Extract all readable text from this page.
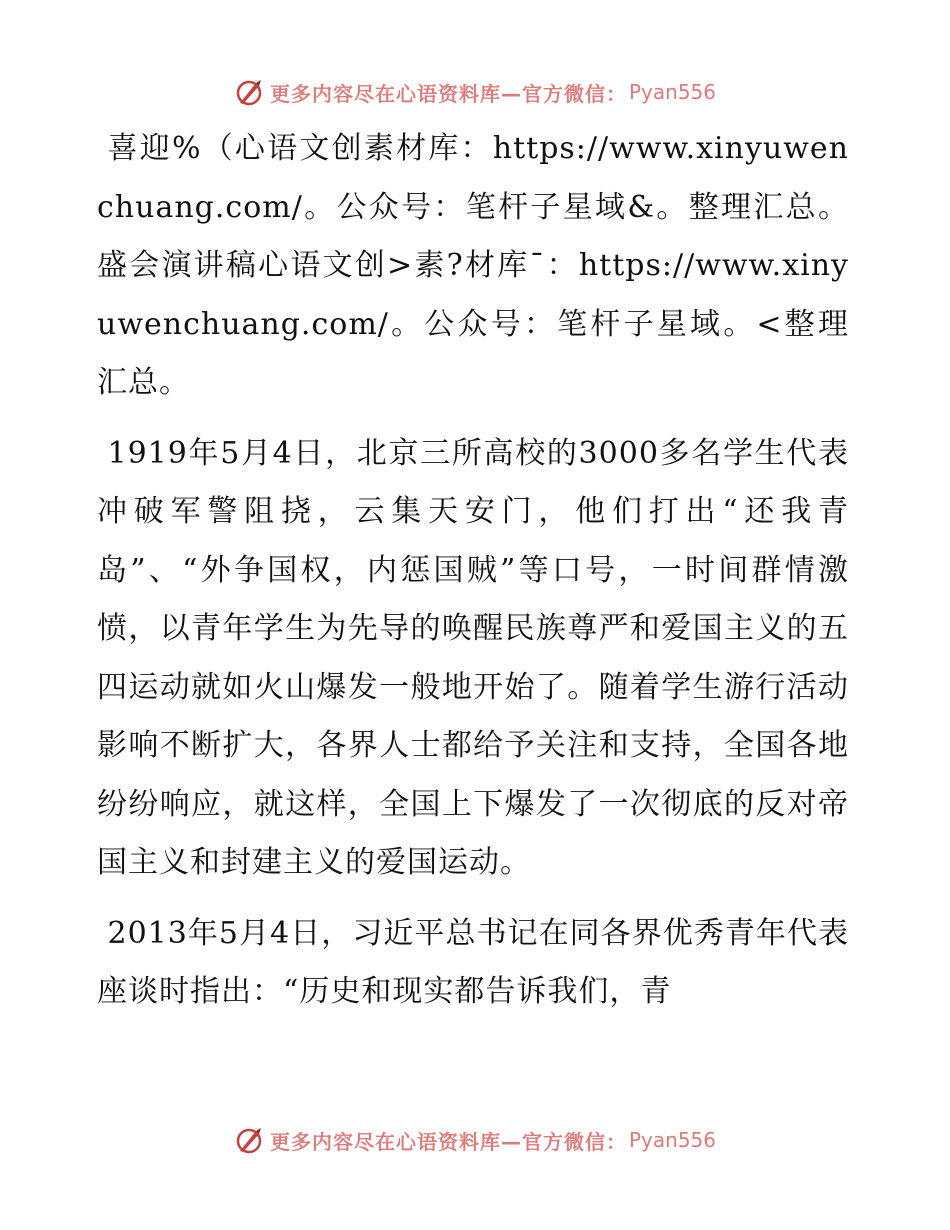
更多内容尽在心语资料库—官方微信： Pyan556

喜迎%（心语文创素材库：https://www.xinyuwenchuang.com/。公众号：笔杆子星域&。整理汇总。盛会演讲稿心语文创>素?材库¯：https://www.xinyuwenchuang.com/。公众号：笔杆子星域。<整理汇总。

1919年5月4日，北京三所高校的3000多名学生代表冲破军警阻挠，云集天安门，他们打出“还我青岛”、“外争国权，内惩国贼”等口号，一时间群情激愤，以青年学生为先导的唤醒民族尊严和爱国主义的五四运动就如火山爆发一般地开始了。随着学生游行活动影响不断扩大，各界人士都给予关注和支持，全国各地纷纷响应，就这样，全国上下爆发了一次彻底的反对帝国主义和封建主义的爱国运动。

2013年5月4日，习近平总书记在同各界优秀青年代表座谈时指出：“历史和现实都告诉我们，青

更多内容尽在心语资料库—官方微信： Pyan556
